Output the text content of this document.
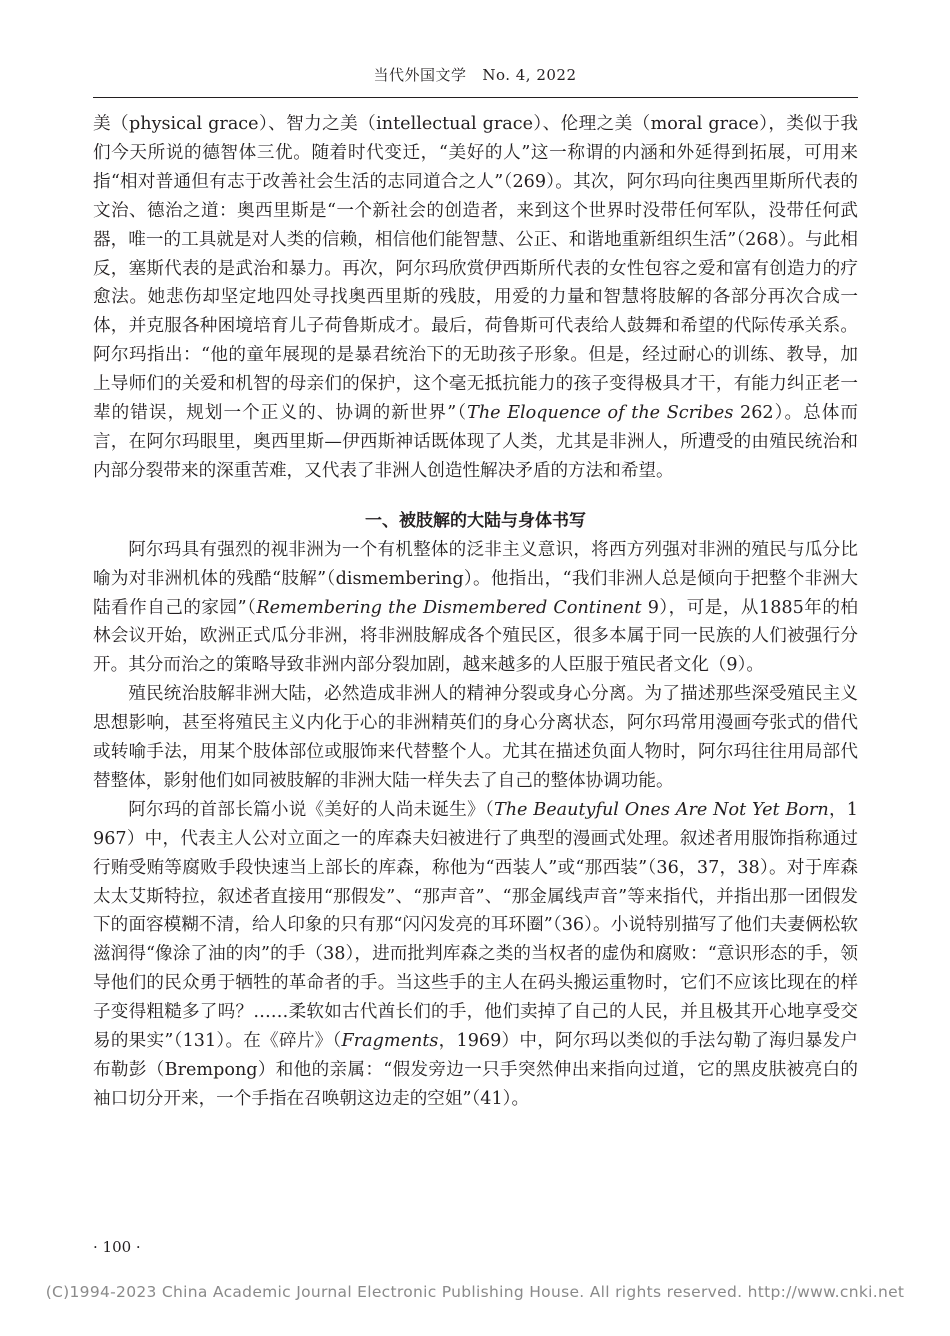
当代外国文学 No. 4, 2022

美（physical grace）、智力之美（intellectual grace）、伦理之美（moral grace），类似于我们今天所说的德智体三优。随着时代变迁，“美好的人”这一称谓的内涵和外延得到拓展，可用来指“相对普通但有志于改善社会生活的志同道合之人”（269）。其次，阿尔玛向往奥西里斯所代表的文治、德治之道：奥西里斯是“一个新社会的创造者，来到这个世界时没带任何军队，没带任何武器，唯一的工具就是对人类的信赖，相信他们能智慧、公正、和谐地重新组织生活”（268）。与此相反，塞斯代表的是武治和暴力。再次，阿尔玛欣赏伊西斯所代表的女性包容之爱和富有创造力的疗愈法。她悲伤却坚定地四处寻找奥西里斯的残肢，用爱的力量和智慧将肢解的各部分再次合成一体，并克服各种困境培育儿子荷鲁斯成才。最后，荷鲁斯可代表给人鼓舞和希望的代际传承关系。阿尔玛指出：“他的童年展现的是暴君统治下的无助孩子形象。但是，经过耐心的训练、教导，加上导师们的关爱和机智的母亲们的保护，这个毫无抵抗能力的孩子变得极具才干，有能力纠正老一辈的错误，规划一个正义的、协调的新世界”（The Eloquence of the Scribes 262）。总体而言，在阿尔玛眼里，奥西里斯—伊西斯神话既体现了人类，尤其是非洲人，所遭受的由殖民统治和内部分裂带来的深重苦难，又代表了非洲人创造性解决矛盾的方法和希望。

一、被肢解的大陆与身体书写

阿尔玛具有强烈的视非洲为一个有机整体的泛非主义意识，将西方列强对非洲的殖民与瓜分比喻为对非洲机体的残酷“肢解”（dismembering）。他指出，“我们非洲人总是倾向于把整个非洲大陆看作自己的家园”（Remembering the Dismembered Continent 9），可是，从1885年的柏林会议开始，欧洲正式瓜分非洲，将非洲肢解成各个殖民区，很多本属于同一民族的人们被强行分开。其分而治之的策略导致非洲内部分裂加剧，越来越多的人臣服于殖民者文化（9）。

殖民统治肢解非洲大陆，必然造成非洲人的精神分裂或身心分离。为了描述那些深受殖民主义思想影响，甚至将殖民主义内化于心的非洲精英们的身心分离状态，阿尔玛常用漫画夸张式的借代或转喻手法，用某个肢体部位或服饰来代替整个人。尤其在描述负面人物时，阿尔玛往往用局部代替整体，影射他们如同被肢解的非洲大陆一样失去了自己的整体协调功能。

阿尔玛的首部长篇小说《美好的人尚未诞生》（The Beautyful Ones Are Not Yet Born，1967）中，代表主人公对立面之一的库森夫妇被进行了典型的漫画式处理。叙述者用服饰指称通过行贿受贿等腐败手段快速当上部长的库森，称他为“西装人”或“那西装”（36，37，38）。对于库森太太艾斯特拉，叙述者直接用“那假发”、“那声音”、“那金属线声音”等来指代，并指出那一团假发下的面容模糊不清，给人印象的只有那“闪闪发亮的耳环圈”（36）。小说特别描写了他们夫妻俩松软滋润得“像涂了油的肉”的手（38），进而批判库森之类的当权者的虚伪和腐败：“意识形态的手，领导他们的民众勇于牺牲的革命者的手。当这些手的主人在码头搬运重物时，它们不应该比现在的样子变得粗糙多了吗？……柔软如古代酋长们的手，他们卖掉了自己的人民，并且极其开心地享受交易的果实”（131）。在《碎片》（Fragments，1969）中，阿尔玛以类似的手法勾勒了海归暴发户布勒彭（Brempong）和他的亲属：“假发旁边一只手突然伸出来指向过道，它的黑皮肤被亮白的袖口切分开来，一个手指在召唤朝这边走的空姐”（41）。

· 100 ·
(C)1994-2023 China Academic Journal Electronic Publishing House. All rights reserved. http://www.cnki.net
